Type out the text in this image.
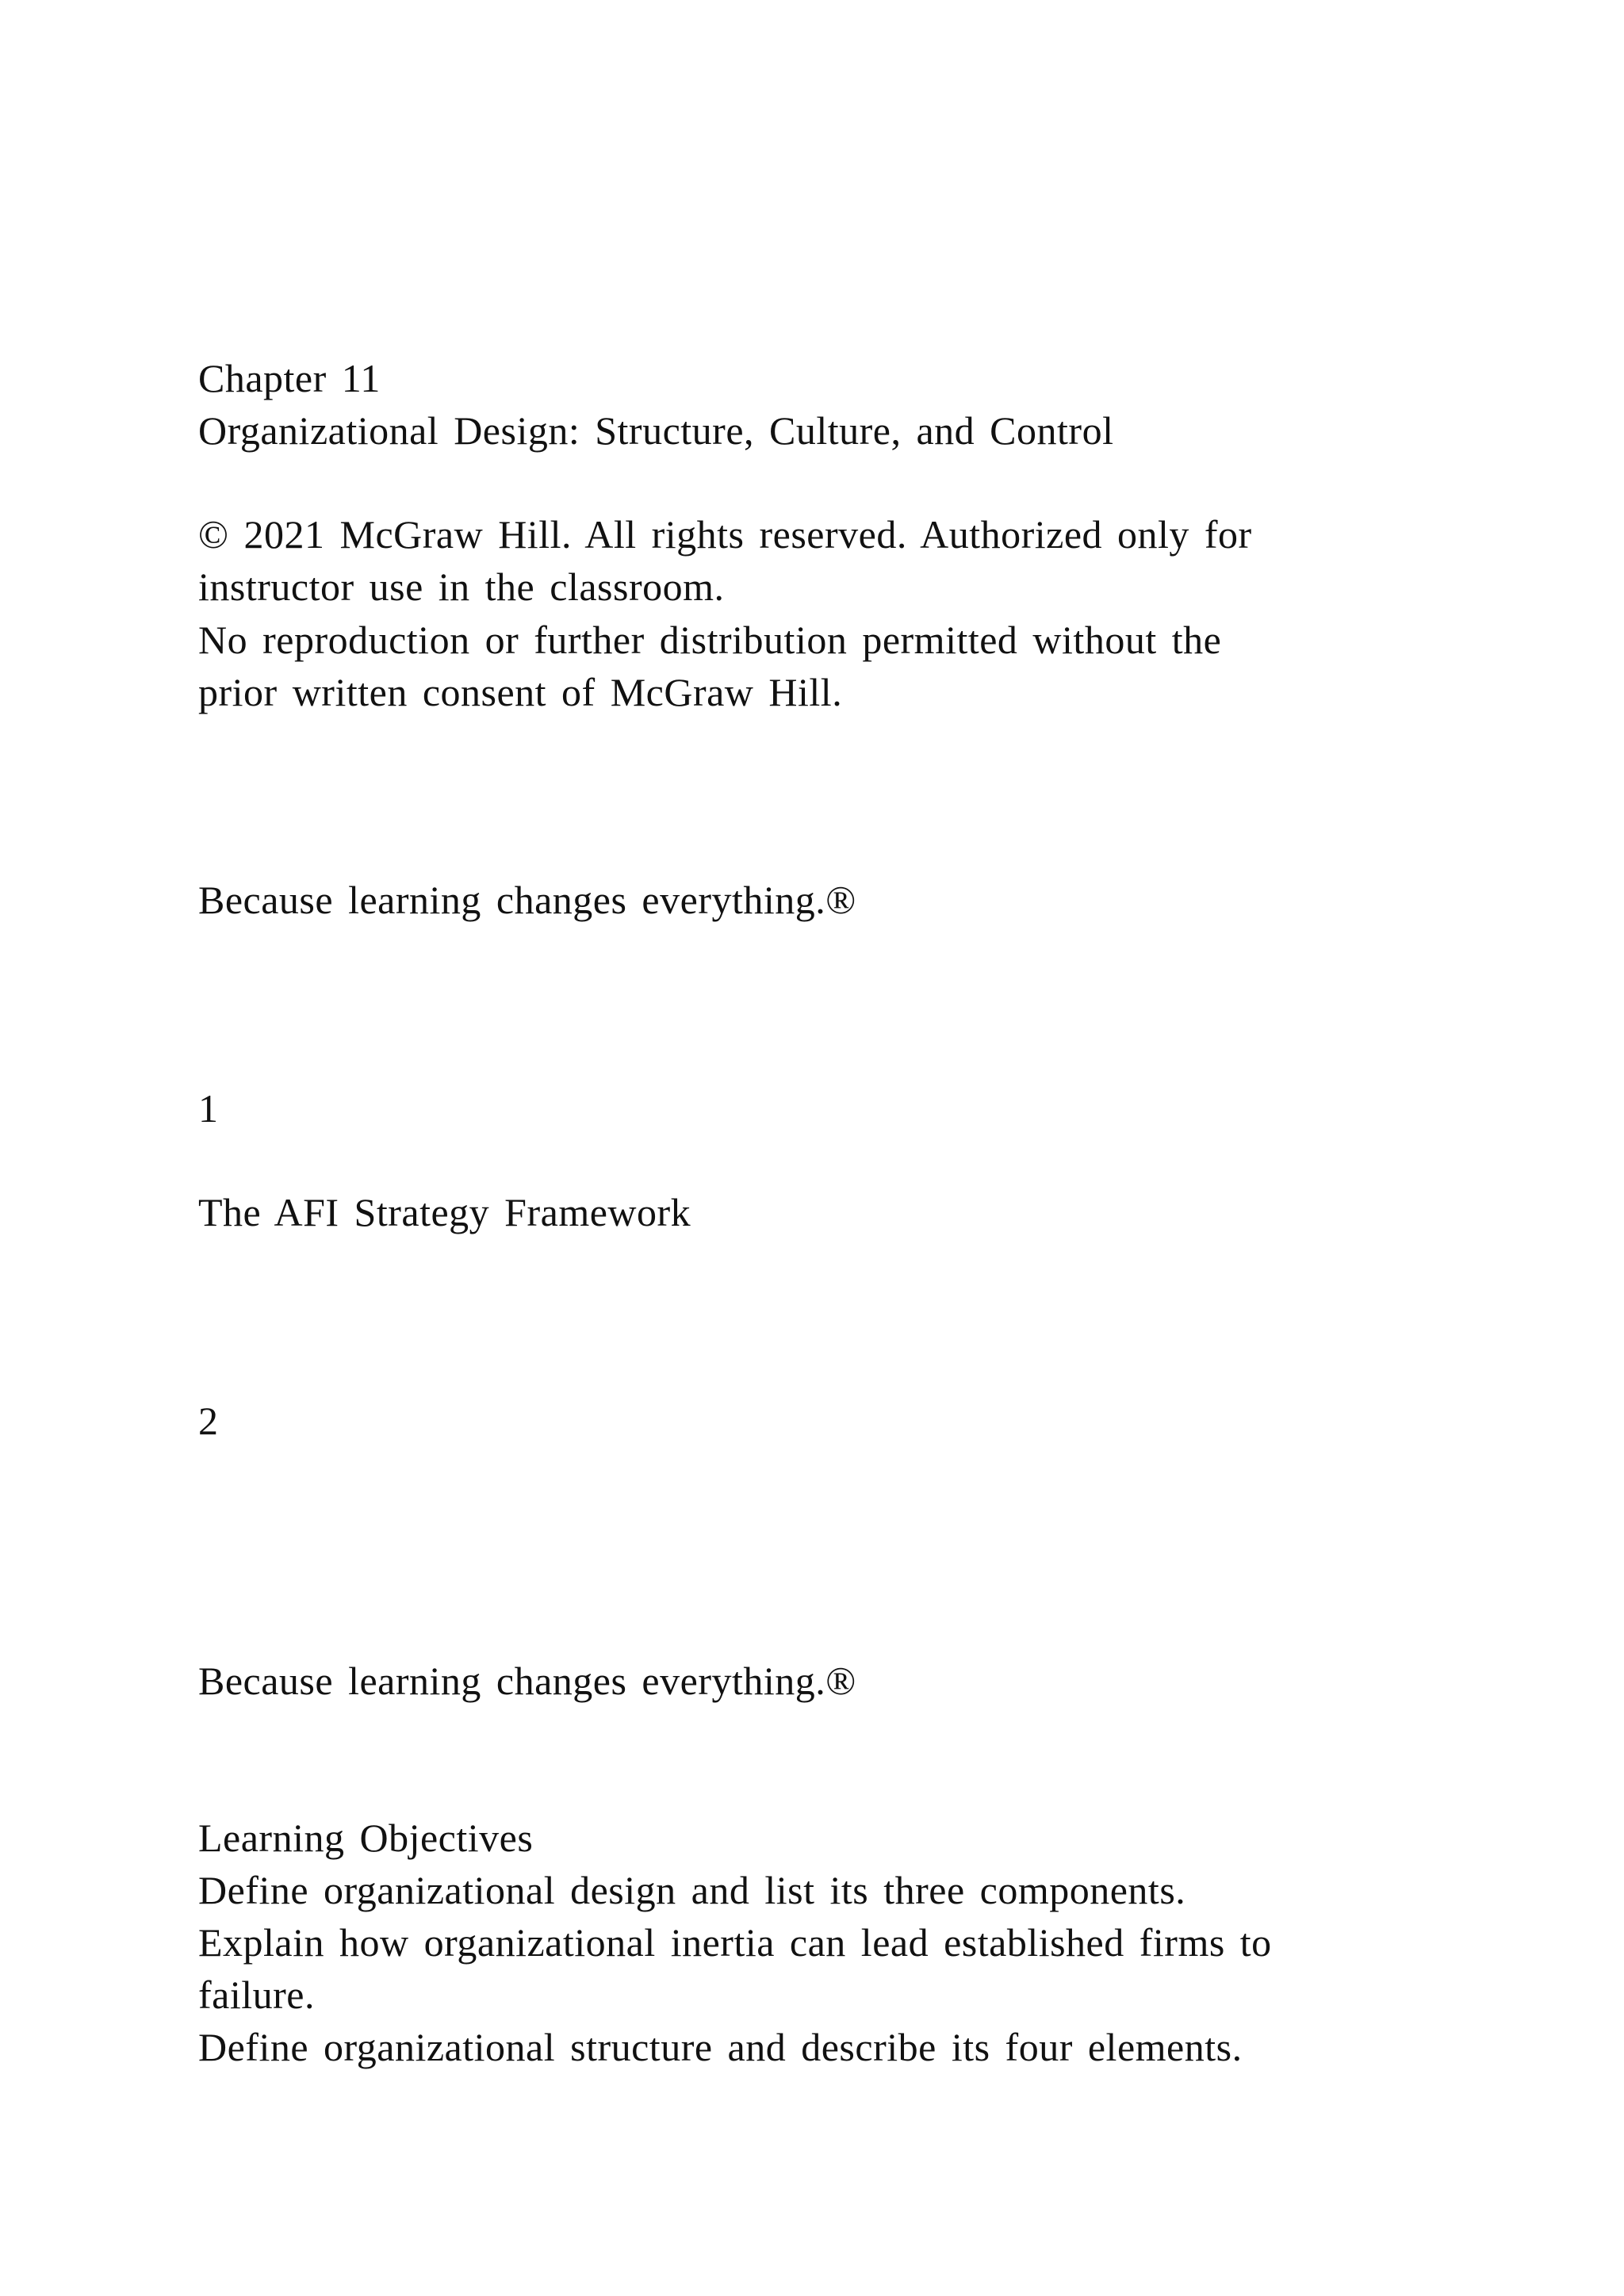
Chapter 11
Organizational Design: Structure, Culture, and Control
© 2021 McGraw Hill. All rights reserved. Authorized only for
instructor use in the classroom.
No reproduction or further distribution permitted without the
prior written consent of McGraw Hill.
Because learning changes everything.®
1
The AFI Strategy Framework
2
Because learning changes everything.®
Learning Objectives
Define organizational design and list its three components.
Explain how organizational inertia can lead established firms to
failure.
Define organizational structure and describe its four elements.
